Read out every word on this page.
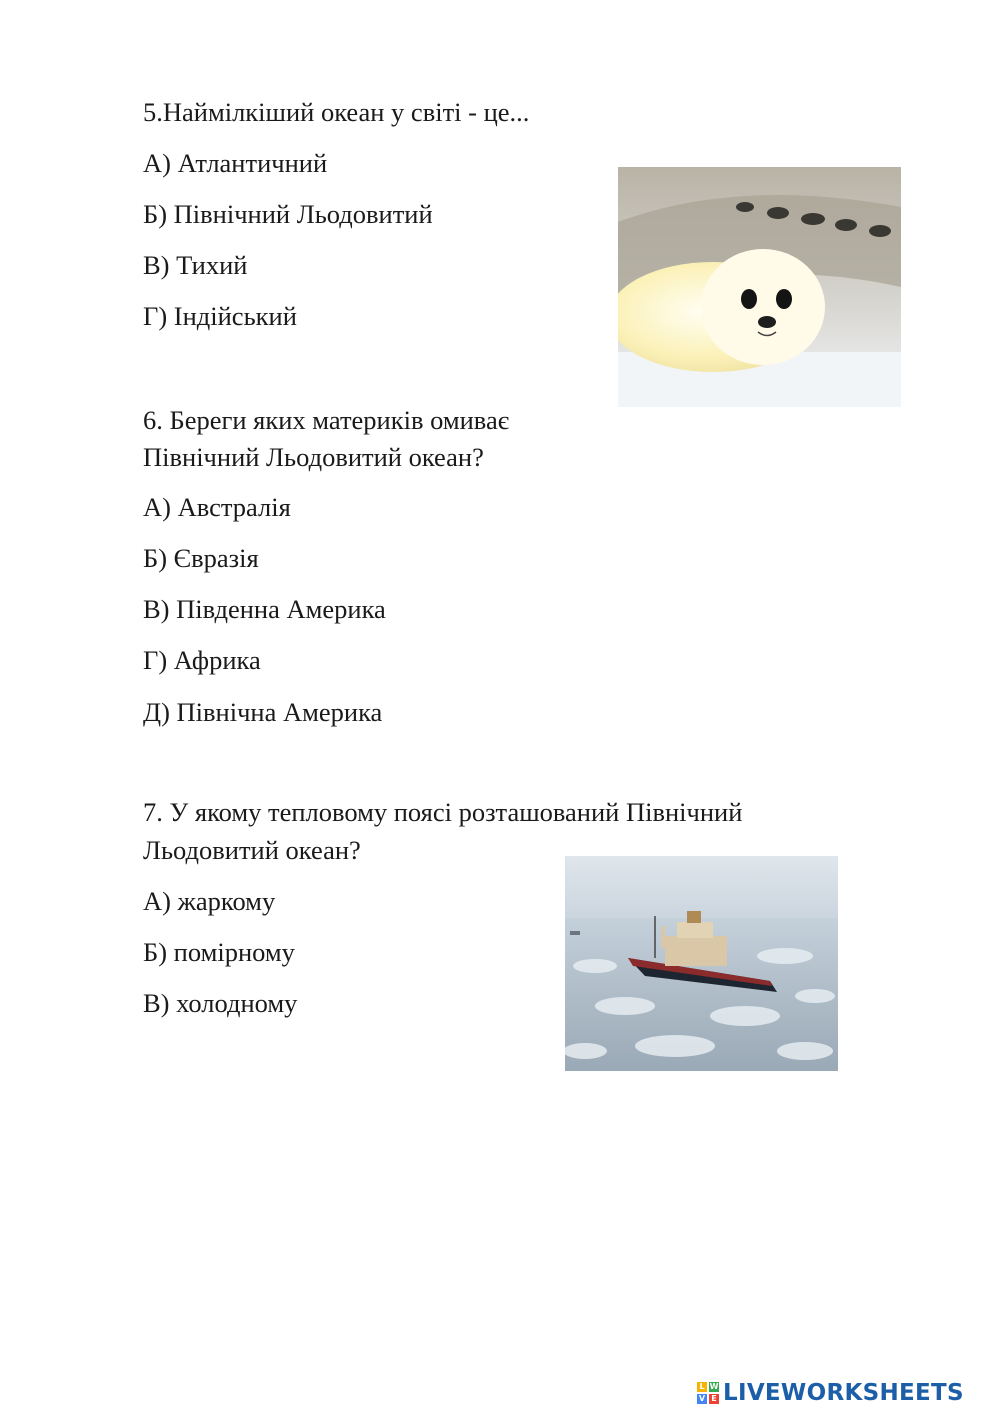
5.Наймілкіший океан у світі - це...
А) Атлантичний
Б) Північний Льодовитий
В) Тихий
Г) Індійський
6. Береги яких материків омиває
Північний Льодовитий океан?
А) Австралія
Б) Євразія
В) Південна Америка
Г) Африка
Д) Північна Америка
7. У якому тепловому поясі розташований Північний
Льодовитий океан?
А) жаркому
Б) помірному
В) холодному
L W
V E LIVEWORKSHEETS
